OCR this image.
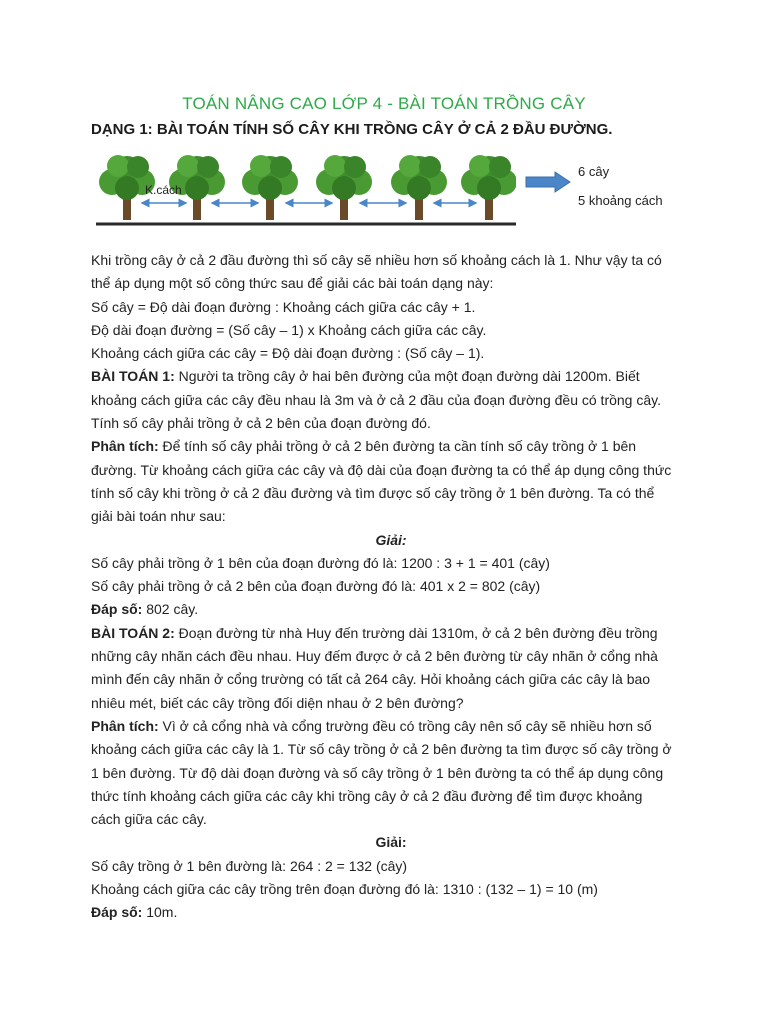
TOÁN NÂNG CAO LỚP 4 - BÀI TOÁN TRỒNG CÂY
DẠNG 1: BÀI TOÁN TÍNH SỐ CÂY KHI TRỒNG CÂY Ở CẢ 2 ĐẦU ĐƯỜNG.
K.cách
6 cây
5 khoảng cách

Khi trồng cây ở cả 2 đầu đường thì số cây sẽ nhiều hơn số khoảng cách là 1. Như vậy ta có

thể áp dụng một số công thức sau để giải các bài toán dạng này:

Số cây = Độ dài đoạn đường : Khoảng cách giữa các cây + 1.

Độ dài đoạn đường = (Số cây – 1) x Khoảng cách giữa các cây.

Khoảng cách giữa các cây = Độ dài đoạn đường : (Số cây – 1).

BÀI TOÁN 1: Người ta trồng cây ở hai bên đường của một đoạn đường dài 1200m. Biết

khoảng cách giữa các cây đều nhau là 3m và ở cả 2 đầu của đoạn đường đều có trồng cây.

Tính số cây phải trồng ở cả 2 bên của đoạn đường đó.

Phân tích: Để tính số cây phải trồng ở cả 2 bên đường ta cần tính số cây trồng ở 1 bên

đường. Từ khoảng cách giữa các cây và độ dài của đoạn đường ta có thể áp dụng công thức

tính số cây khi trồng ở cả 2 đầu đường và tìm được số cây trồng ở 1 bên đường. Ta có thể

giải bài toán như sau:

Giải:

Số cây phải trồng ở 1 bên của đoạn đường đó là: 1200 : 3 + 1 = 401 (cây)

Số cây phải trồng ở cả 2 bên của đoạn đường đó là: 401 x 2 = 802 (cây)

Đáp số: 802 cây.

BÀI TOÁN 2: Đoạn đường từ nhà Huy đến trường dài 1310m, ở cả 2 bên đường đều trồng

những cây nhãn cách đều nhau. Huy đếm được ở cả 2 bên đường từ cây nhãn ở cổng nhà

mình đến cây nhãn ở cổng trường có tất cả 264 cây. Hỏi khoảng cách giữa các cây là bao

nhiêu mét, biết các cây trồng đối diện nhau ở 2 bên đường?

Phân tích: Vì ở cả cổng nhà và cổng trường đều có trồng cây nên số cây sẽ nhiều hơn số

khoảng cách giữa các cây là 1. Từ số cây trồng ở cả 2 bên đường ta tìm được số cây trồng ở

1 bên đường. Từ độ dài đoạn đường và số cây trồng ở 1 bên đường ta có thể áp dụng công

thức tính khoảng cách giữa các cây khi trồng cây ở cả 2 đầu đường để tìm được khoảng

cách giữa các cây.

Giải:

Số cây trồng ở 1 bên đường là: 264 : 2 = 132 (cây)

Khoảng cách giữa các cây trồng trên đoạn đường đó là: 1310 : (132 – 1) = 10 (m)

Đáp số: 10m.
